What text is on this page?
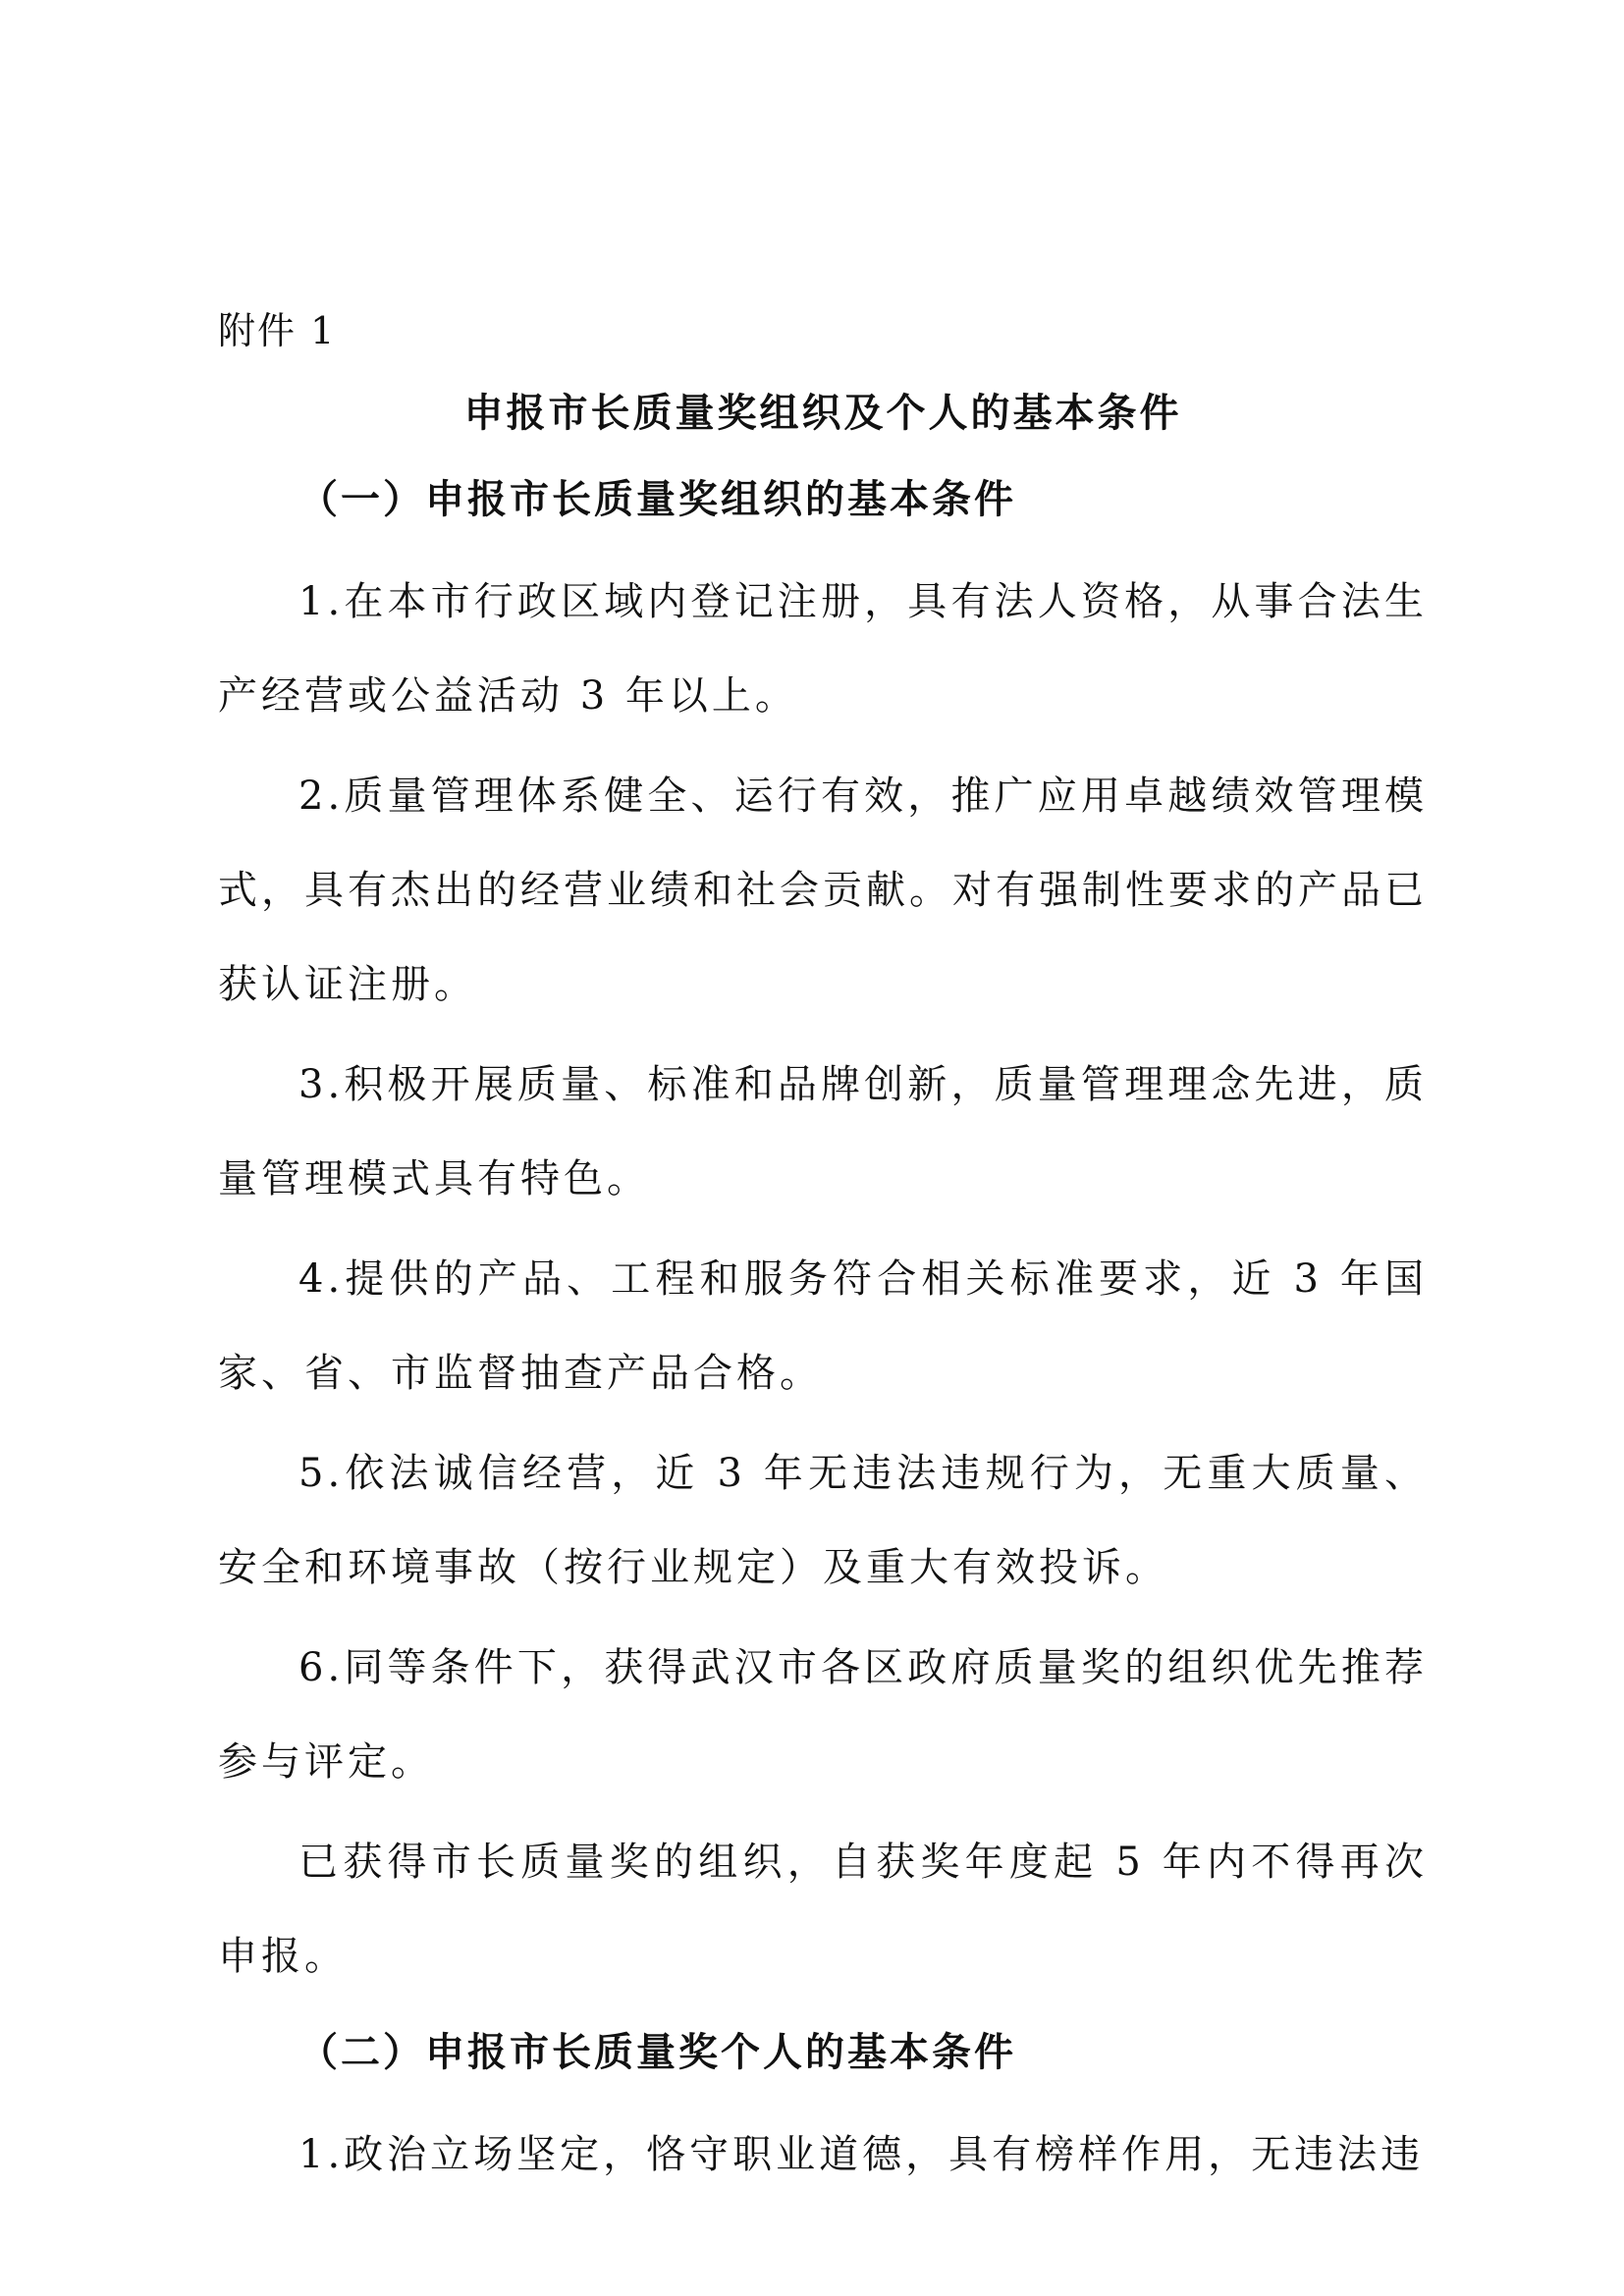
附件 1

申报市长质量奖组织及个人的基本条件
（一）申报市长质量奖组织的基本条件

1.在本市行政区域内登记注册，具有法人资格，从事合法生产经营或公益活动 3 年以上。

2.质量管理体系健全、运行有效，推广应用卓越绩效管理模式，具有杰出的经营业绩和社会贡献。对有强制性要求的产品已获认证注册。

3.积极开展质量、标准和品牌创新，质量管理理念先进，质量管理模式具有特色。

4.提供的产品、工程和服务符合相关标准要求，近 3 年国家、省、市监督抽查产品合格。

5.依法诚信经营，近 3 年无违法违规行为，无重大质量、安全和环境事故（按行业规定）及重大有效投诉。

6.同等条件下，获得武汉市各区政府质量奖的组织优先推荐参与评定。

已获得市长质量奖的组织，自获奖年度起 5 年内不得再次申报。

（二）申报市长质量奖个人的基本条件

1.政治立场坚定，恪守职业道德，具有榜样作用，无违法违
